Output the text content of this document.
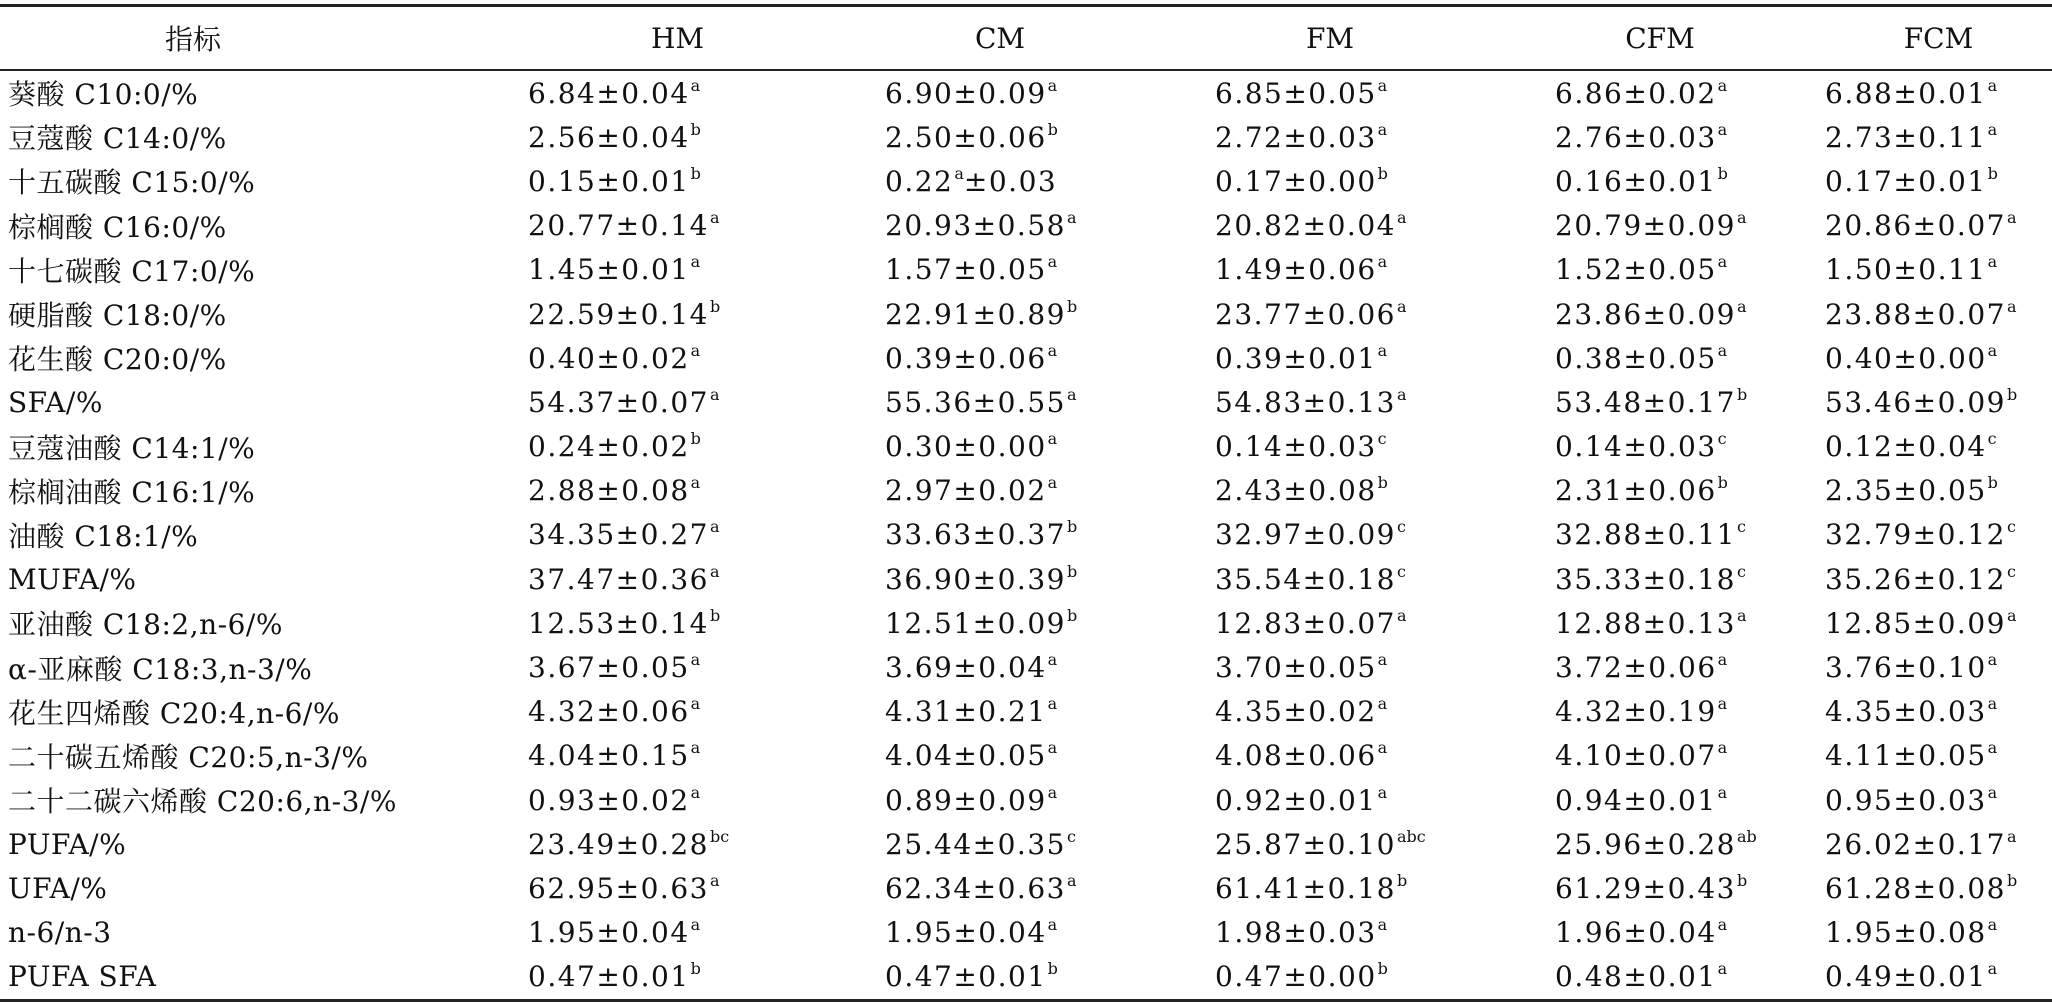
指标	HM	CM	FM	CFM	FCM
葵酸 C10:0/%	6.84±0.04$^a$	6.90±0.09$^a$	6.85±0.05$^a$	6.86±0.02$^a$	6.88±0.01$^a$
豆蔻酸 C14:0/%	2.56±0.04$^b$	2.50±0.06$^b$	2.72±0.03$^a$	2.76±0.03$^a$	2.73±0.11$^a$
十五碳酸 C15:0/%	0.15±0.01$^b$	0.22$^a$±0.03	0.17±0.00$^b$	0.16±0.01$^b$	0.17±0.01$^b$
棕榈酸 C16:0/%	20.77±0.14$^a$	20.93±0.58$^a$	20.82±0.04$^a$	20.79±0.09$^a$	20.86±0.07$^a$
十七碳酸 C17:0/%	1.45±0.01$^a$	1.57±0.05$^a$	1.49±0.06$^a$	1.52±0.05$^a$	1.50±0.11$^a$
硬脂酸 C18:0/%	22.59±0.14$^b$	22.91±0.89$^b$	23.77±0.06$^a$	23.86±0.09$^a$	23.88±0.07$^a$
花生酸 C20:0/%	0.40±0.02$^a$	0.39±0.06$^a$	0.39±0.01$^a$	0.38±0.05$^a$	0.40±0.00$^a$
SFA/%	54.37±0.07$^a$	55.36±0.55$^a$	54.83±0.13$^a$	53.48±0.17$^b$	53.46±0.09$^b$
豆蔻油酸 C14:1/%	0.24±0.02$^b$	0.30±0.00$^a$	0.14±0.03$^c$	0.14±0.03$^c$	0.12±0.04$^c$
棕榈油酸 C16:1/%	2.88±0.08$^a$	2.97±0.02$^a$	2.43±0.08$^b$	2.31±0.06$^b$	2.35±0.05$^b$
油酸 C18:1/%	34.35±0.27$^a$	33.63±0.37$^b$	32.97±0.09$^c$	32.88±0.11$^c$	32.79±0.12$^c$
MUFA/%	37.47±0.36$^a$	36.90±0.39$^b$	35.54±0.18$^c$	35.33±0.18$^c$	35.26±0.12$^c$
亚油酸 C18:2,n-6/%	12.53±0.14$^b$	12.51±0.09$^b$	12.83±0.07$^a$	12.88±0.13$^a$	12.85±0.09$^a$
α-亚麻酸 C18:3,n-3/%	3.67±0.05$^a$	3.69±0.04$^a$	3.70±0.05$^a$	3.72±0.06$^a$	3.76±0.10$^a$
花生四烯酸 C20:4,n-6/%	4.32±0.06$^a$	4.31±0.21$^a$	4.35±0.02$^a$	4.32±0.19$^a$	4.35±0.03$^a$
二十碳五烯酸 C20:5,n-3/%	4.04±0.15$^a$	4.04±0.05$^a$	4.08±0.06$^a$	4.10±0.07$^a$	4.11±0.05$^a$
二十二碳六烯酸 C20:6,n-3/%	0.93±0.02$^a$	0.89±0.09$^a$	0.92±0.01$^a$	0.94±0.01$^a$	0.95±0.03$^a$
PUFA/%	23.49±0.28$^{bc}$	25.44±0.35$^c$	25.87±0.10$^{abc}$	25.96±0.28$^{ab}$	26.02±0.17$^a$
UFA/%	62.95±0.63$^a$	62.34±0.63$^a$	61.41±0.18$^b$	61.29±0.43$^b$	61.28±0.08$^b$
n-6/n-3	1.95±0.04$^a$	1.95±0.04$^a$	1.98±0.03$^a$	1.96±0.04$^a$	1.95±0.08$^a$
PUFA SFA	0.47±0.01$^b$	0.47±0.01$^b$	0.47±0.00$^b$	0.48±0.01$^a$	0.49±0.01$^a$
